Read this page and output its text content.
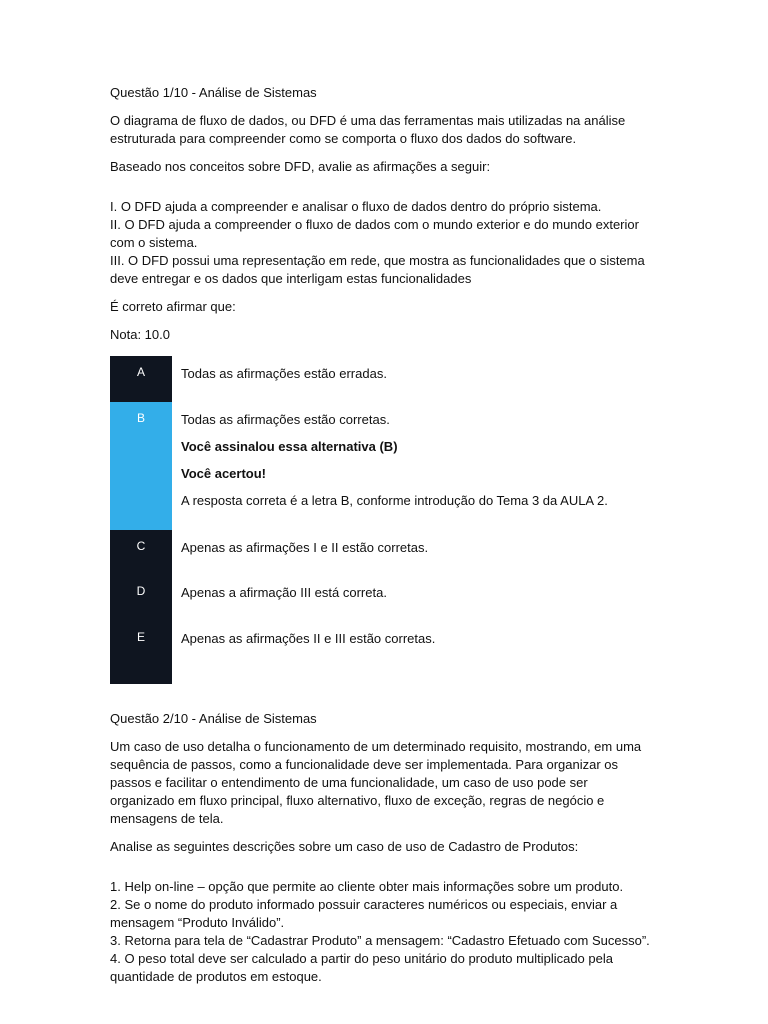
Questão 1/10 - Análise de Sistemas

O diagrama de fluxo de dados, ou DFD é uma das ferramentas mais utilizadas na análise estruturada para compreender como se comporta o fluxo dos dados do software.

Baseado nos conceitos sobre DFD, avalie as afirmações a seguir:

I. O DFD ajuda a compreender e analisar o fluxo de dados dentro do próprio sistema.

II. O DFD ajuda a compreender o fluxo de dados com o mundo exterior e do mundo exterior com o sistema.

III. O DFD possui uma representação em rede, que mostra as funcionalidades que o sistema deve entregar e os dados que interligam estas funcionalidades

É correto afirmar que:

Nota: 10.0

A	Todas as afirmações estão erradas.

B	Todas as afirmações estão corretas.

Você assinalou essa alternativa (B)

Você acertou!

A resposta correta é a letra B, conforme introdução do Tema 3 da AULA 2.

C	Apenas as afirmações I e II estão corretas.

D	Apenas a afirmação III está correta.

E	Apenas as afirmações II e III estão corretas.

Questão 2/10 - Análise de Sistemas

Um caso de uso detalha o funcionamento de um determinado requisito, mostrando, em uma sequência de passos, como a funcionalidade deve ser implementada. Para organizar os passos e facilitar o entendimento de uma funcionalidade, um caso de uso pode ser organizado em fluxo principal, fluxo alternativo, fluxo de exceção, regras de negócio e mensagens de tela.

Analise as seguintes descrições sobre um caso de uso de Cadastro de Produtos:

1. Help on-line – opção que permite ao cliente obter mais informações sobre um produto.

2. Se o nome do produto informado possuir caracteres numéricos ou especiais, enviar a mensagem “Produto Inválido”.

3. Retorna para tela de “Cadastrar Produto” a mensagem: “Cadastro Efetuado com Sucesso”.

4. O peso total deve ser calculado a partir do peso unitário do produto multiplicado pela quantidade de produtos em estoque.
